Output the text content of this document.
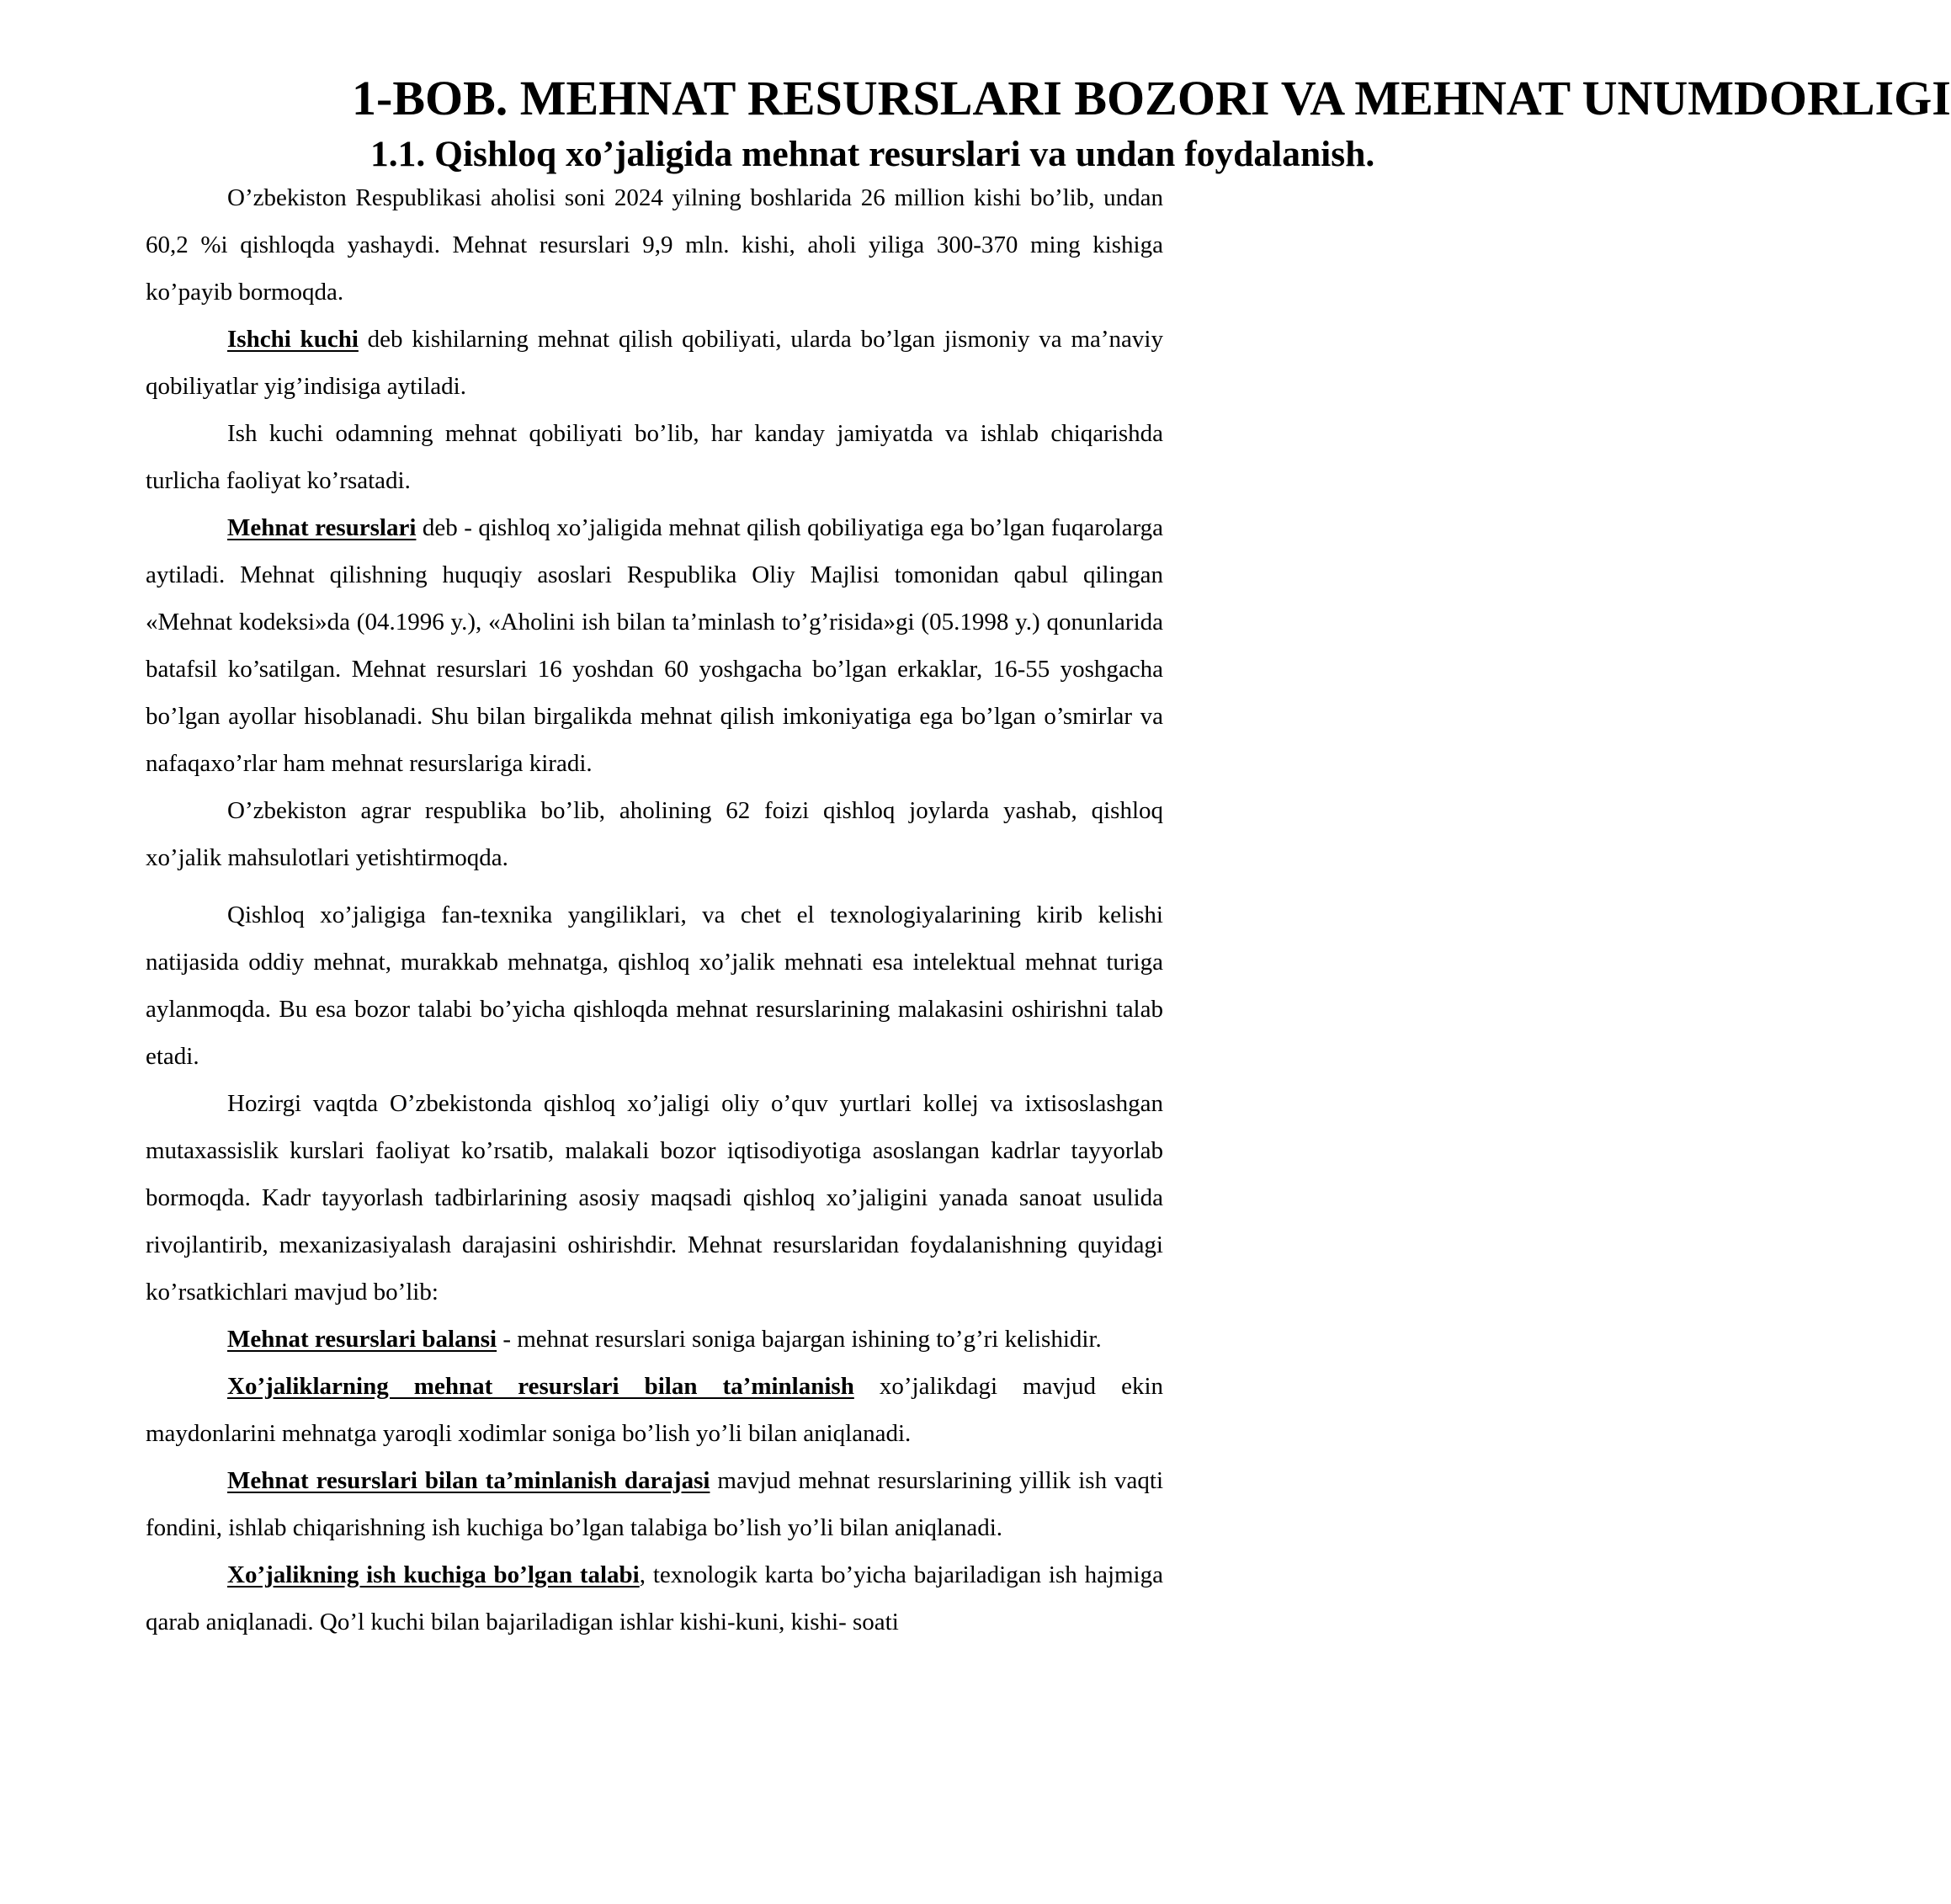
1-BOB. MEHNAT RESURSLARI BOZORI VA MEHNAT UNUMDORLIGI
1.1. Qishloq xo’jaligida mehnat resurslari va undan foydalanish.

O’zbekiston Respublikasi aholisi soni 2024 yilning boshlarida 26 million kishi bo’lib, undan 60,2 %i qishloqda yashaydi. Mehnat resurslari 9,9 mln. kishi, aholi yiliga 300-370 ming kishiga ko’payib bormoqda.

Ishchi kuchi deb kishilarning mehnat qilish qobiliyati, ularda bo’lgan jismoniy va ma’naviy qobiliyatlar yig’indisiga aytiladi.

Ish kuchi odamning mehnat qobiliyati bo’lib, har kanday jamiyatda va ishlab chiqarishda turlicha faoliyat ko’rsatadi.

Mehnat resurslari deb - qishloq xo’jaligida mehnat qilish qobiliyatiga ega bo’lgan fuqarolarga aytiladi. Mehnat qilishning huquqiy asoslari Respublika Oliy Majlisi tomonidan qabul qilingan «Mehnat kodeksi»da (04.1996 y.), «Aholini ish bilan ta’minlash to’g’risida»gi (05.1998 y.) qonunlarida batafsil ko’satilgan. Mehnat resurslari 16 yoshdan 60 yoshgacha bo’lgan erkaklar, 16-55 yoshgacha bo’lgan ayollar hisoblanadi. Shu bilan birgalikda mehnat qilish imkoniyatiga ega bo’lgan o’smirlar va nafaqaxo’rlar ham mehnat resurslariga kiradi.

O’zbekiston agrar respublika bo’lib, aholining 62 foizi qishloq joylarda yashab, qishloq xo’jalik mahsulotlari yetishtirmoqda.

Qishloq xo’jaligiga fan-texnika yangiliklari, va chet el texnologiyalarining kirib kelishi natijasida oddiy mehnat, murakkab mehnatga, qishloq xo’jalik mehnati esa intelektual mehnat turiga aylanmoqda. Bu esa bozor talabi bo’yicha qishloqda mehnat resurslarining malakasini oshirishni talab etadi.

Hozirgi vaqtda O’zbekistonda qishloq xo’jaligi oliy o’quv yurtlari kollej va ixtisoslashgan mutaxassislik kurslari faoliyat ko’rsatib, malakali bozor iqtisodiyotiga asoslangan kadrlar tayyorlab bormoqda. Kadr tayyorlash tadbirlarining asosiy maqsadi qishloq xo’jaligini yanada sanoat usulida rivojlantirib, mexanizasiyalash darajasini oshirishdir. Mehnat resurslaridan foydalanishning quyidagi ko’rsatkichlari mavjud bo’lib:

Mehnat resurslari balansi - mehnat resurslari soniga bajargan ishining to’g’ri kelishidir.

Xo’jaliklarning mehnat resurslari bilan ta’minlanish xo’jalikdagi mavjud ekin maydonlarini mehnatga yaroqli xodimlar soniga bo’lish yo’li bilan aniqlanadi.

Mehnat resurslari bilan ta’minlanish darajasi mavjud mehnat resurslarining yillik ish vaqti fondini, ishlab chiqarishning ish kuchiga bo’lgan talabiga bo’lish yo’li bilan aniqlanadi.

Xo’jalikning ish kuchiga bo’lgan talabi, texnologik karta bo’yicha bajariladigan ish hajmiga qarab aniqlanadi. Qo’l kuchi bilan bajariladigan ishlar kishi-kuni, kishi- soati
